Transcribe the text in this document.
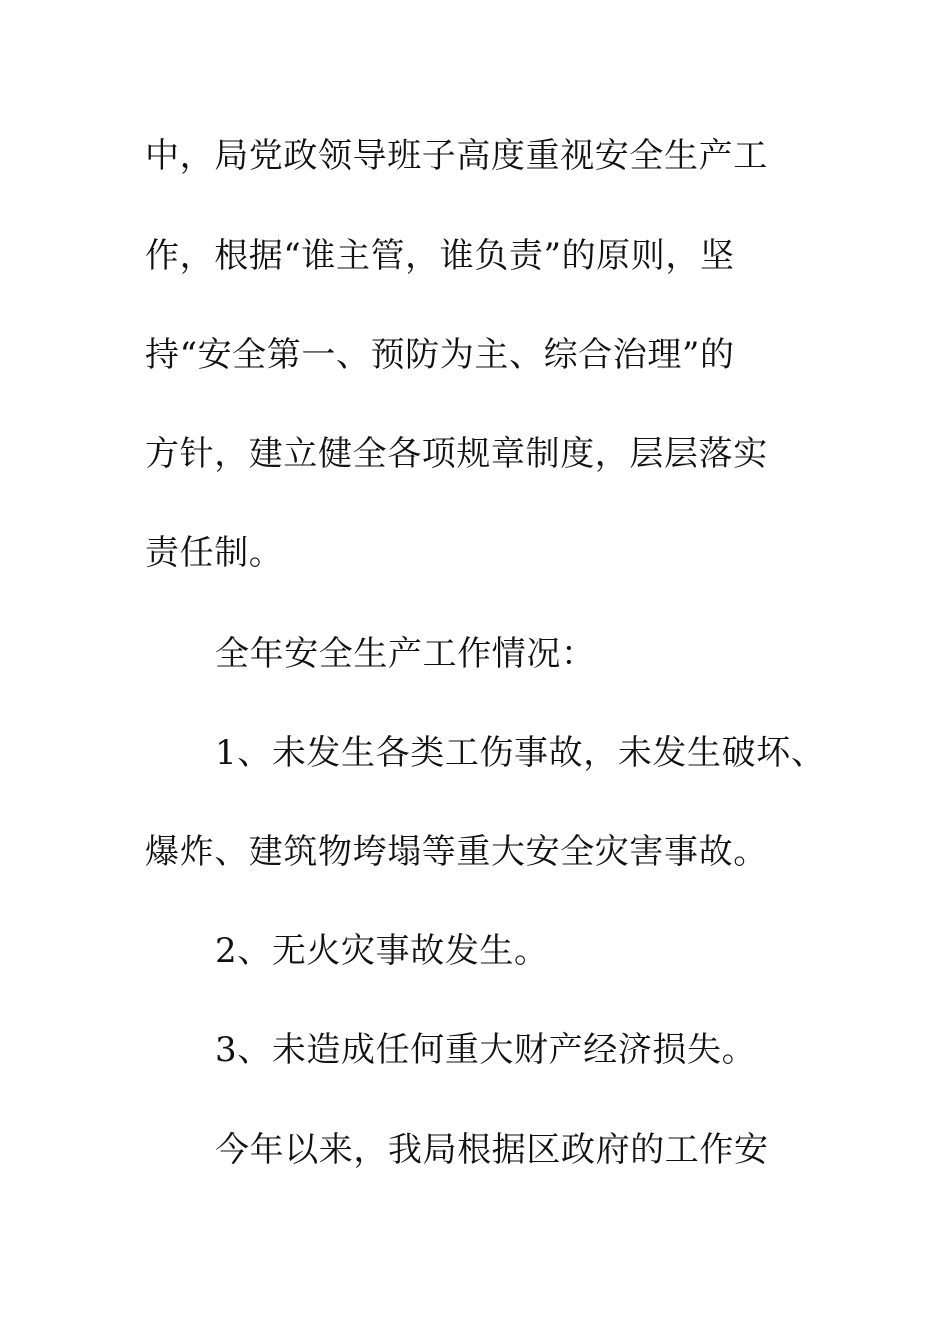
中，局党政领导班子高度重视安全生产工

作，根据“谁主管，谁负责”的原则，坚

持“安全第一、预防为主、综合治理”的

方针，建立健全各项规章制度，层层落实

责任制。

全年安全生产工作情况：

1、未发生各类工伤事故，未发生破坏、

爆炸、建筑物垮塌等重大安全灾害事故。

2、无火灾事故发生。

3、未造成任何重大财产经济损失。

今年以来，我局根据区政府的工作安
